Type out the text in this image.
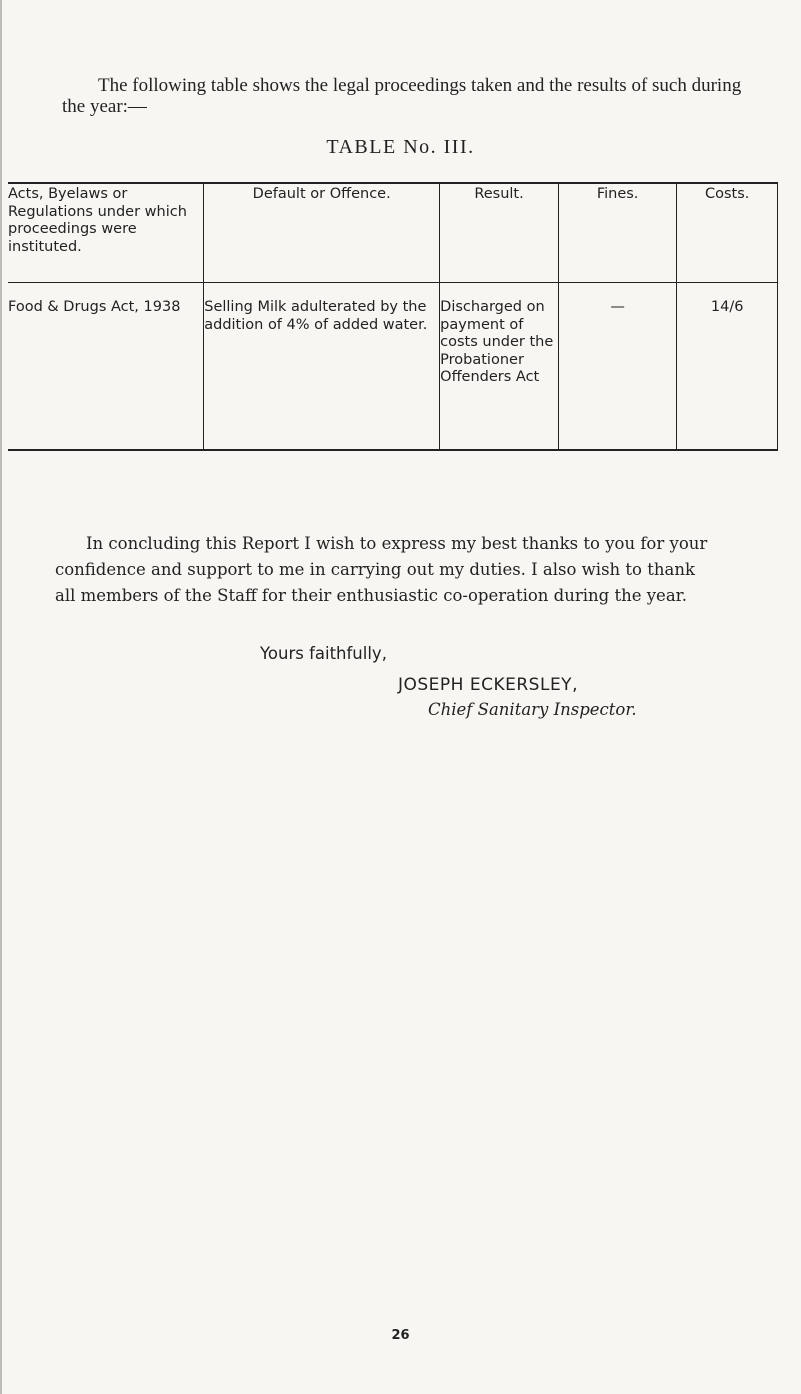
The following table shows the legal proceedings taken and the results of such during the year:—

TABLE No. III.

Acts, Byelaws or Regulations under which proceedings were instituted.	Default or Offence.	Result.	Fines.	Costs.
Food & Drugs Act, 1938	Selling Milk adulterated by the addition of 4% of added water.	Discharged on payment of costs under the Probationer Offenders Act	—	14/6

In concluding this Report I wish to express my best thanks to you for your confidence and support to me in carrying out my duties. I also wish to thank all members of the Staff for their enthusiastic co-operation during the year.

Yours faithfully,

JOSEPH ECKERSLEY,

Chief Sanitary Inspector.

26
